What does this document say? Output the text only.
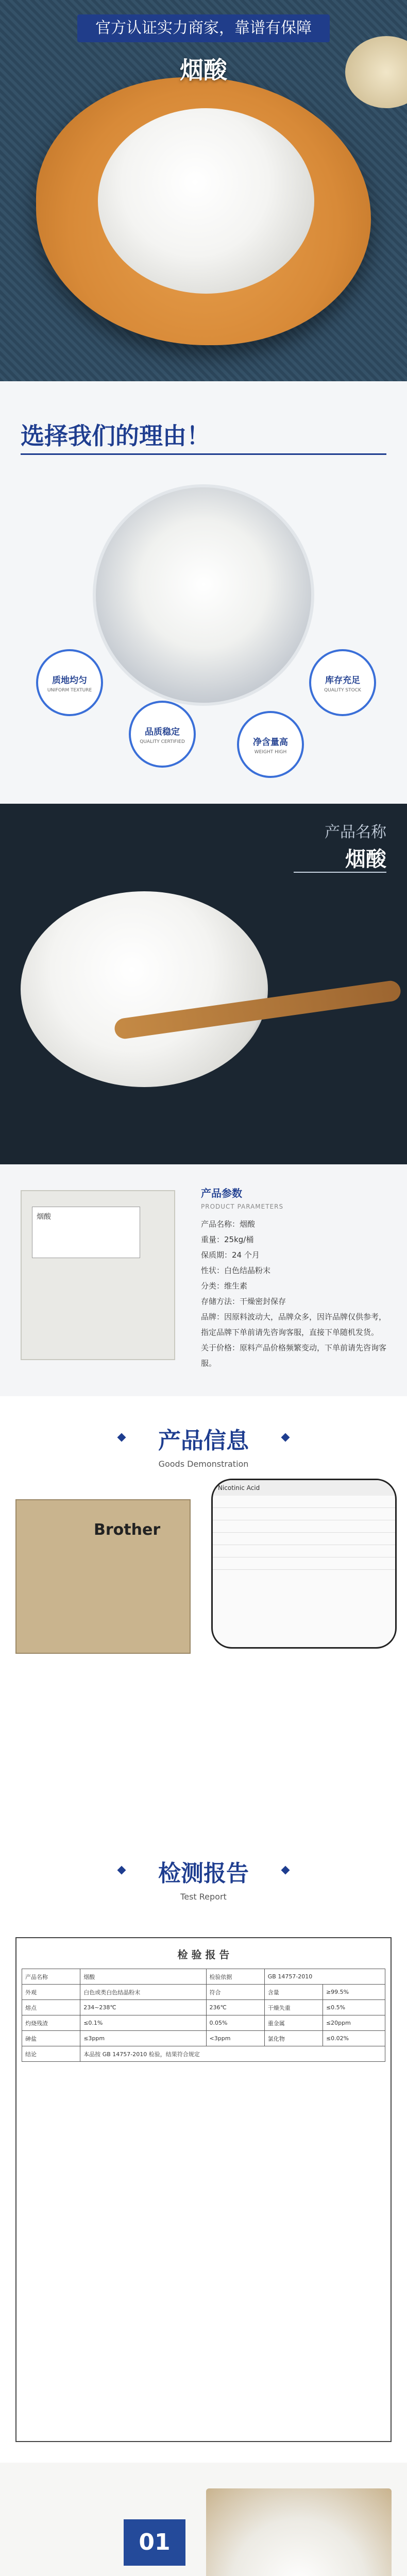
官方认证实力商家，靠谱有保障
烟酸
选择我们的理由！
质地均匀
UNIFORM TEXTURE
品质稳定
QUALITY CERTIFIED
库存充足
QUALITY STOCK
净含量高
WEIGHT HIGH
产品名称
烟酸
烟酸
产品参数
PRODUCT PARAMETERS
产品名称：烟酸
重量：25kg/桶
保质期：24 个月
性状：白色结晶粉末
分类：维生素
存储方法：干燥密封保存
品牌：因原料波动大，品牌众多，因许品牌仅供参考，指定品牌下单前请先咨询客服，直接下单随机发货。
关于价格：原料产品价格频繁变动，下单前请先咨询客服。
产品信息
Goods Demonstration
Brother
Nicotinic Acid
检测报告
Test Report
检 验 报 告
产品名称	烟酸	检验依据	GB 14757-2010	
外观	白色或类白色结晶粉末	符合	含量	≥99.5%
熔点	234~238℃	236℃	干燥失重	≤0.5%
灼烧残渣	≤0.1%	0.05%	重金属	≤20ppm
砷盐	≤3ppm	<3ppm	氯化物	≤0.02%
结论	本品按 GB 14757-2010 检验，结果符合规定			
01
